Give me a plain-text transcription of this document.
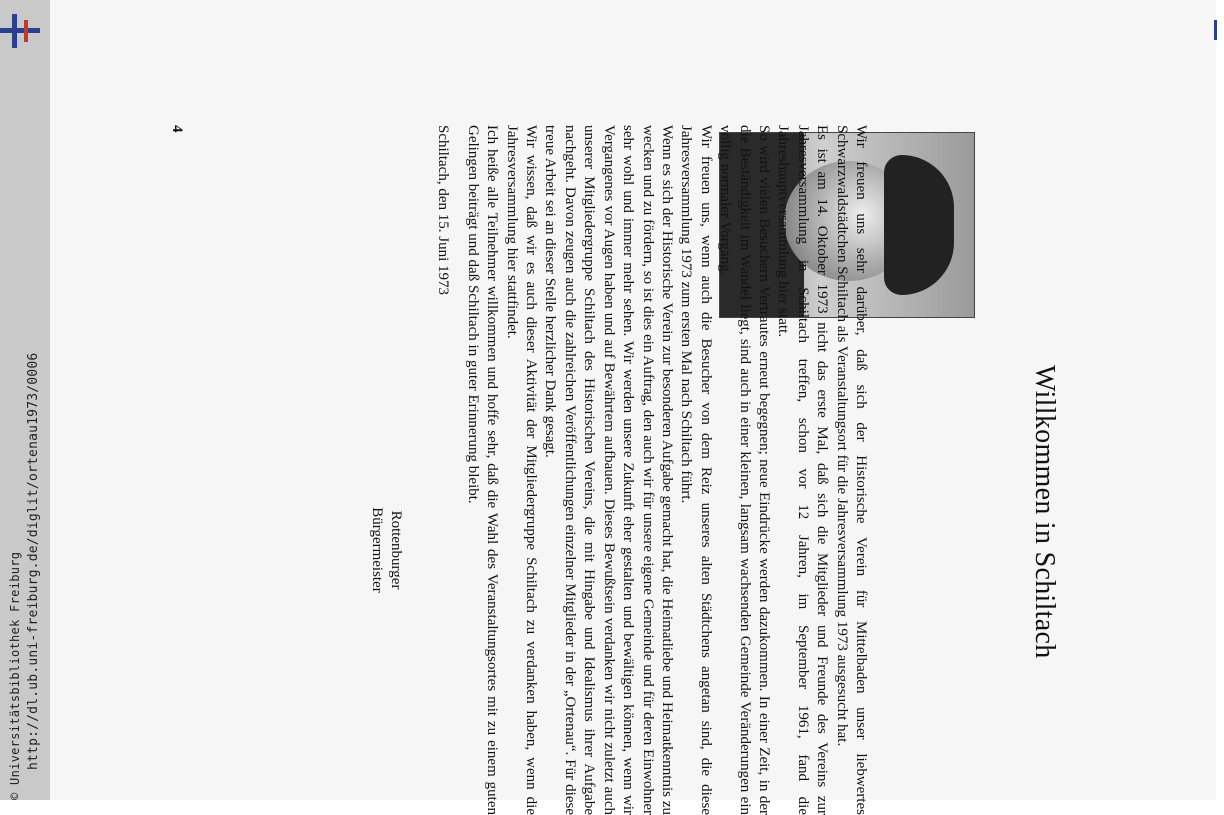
http://dl.ub.uni-freiburg.de/diglit/ortenau1973/0006
© Universitätsbibliothek Freiburg
Willkommen in Schiltach

Wir freuen uns sehr darüber, daß sich der Historische Verein für Mittelbaden unser liebwertes Schwarzwaldstädtchen Schiltach als Veranstaltungsort für die Jahresversammlung 1973 ausgesucht hat.

Es ist am 14. Oktober 1973 nicht das erste Mal, daß sich die Mitglieder und Freunde des Vereins zur Jahresversammlung in Schiltach treffen, schon vor 12 Jahren, im September 1961, fand die Jahreshauptversammlung hier statt.

So wird vielen Besuchern Vertrautes erneut begegnen; neue Eindrücke werden dazukommen. In einer Zeit, in der die Beständigkeit im Wandel liegt, sind auch in einer kleinen, langsam wachsenden Gemeinde Veränderungen ein völlig normaler Vorgang.

Wir freuen uns, wenn auch die Besucher von dem Reiz unseres alten Städtchens angetan sind, die diese Jahresversammlung 1973 zum ersten Mal nach Schiltach führt.

Wenn es sich der Historische Verein zur besonderen Aufgabe gemacht hat, die Heimatliebe und Heimatkenntnis zu wecken und zu fördern, so ist dies ein Auftrag, den auch wir für unsere eigene Gemeinde und für deren Einwohner sehr wohl und immer mehr sehen. Wir werden unsere Zukunft eher gestalten und bewältigen können, wenn wir Vergangenes vor Augen haben und auf Bewährtem aufbauen. Dieses Bewußtsein verdanken wir nicht zuletzt auch unserer Mitgliedergruppe Schiltach des Historischen Vereins, die mit Hingabe und Idealismus ihrer Aufgabe nachgeht. Davon zeugen auch die zahlreichen Veröffentlichungen einzelner Mitglieder in der „Ortenau“. Für diese treue Arbeit sei an dieser Stelle herzlicher Dank gesagt.

Wir wissen, daß wir es auch dieser Aktivität der Mitgliedergruppe Schiltach zu verdanken haben, wenn die Jahresversammlung hier stattfindet.

Ich heiße alle Teilnehmer willkommen und hoffe sehr, daß die Wahl des Veranstaltungsortes mit zu einem guten Gelingen beiträgt und daß Schiltach in guter Erinnerung bleibt.

Schiltach, den 15. Juni 1973

Rottenburger
Bürgermeister
4
